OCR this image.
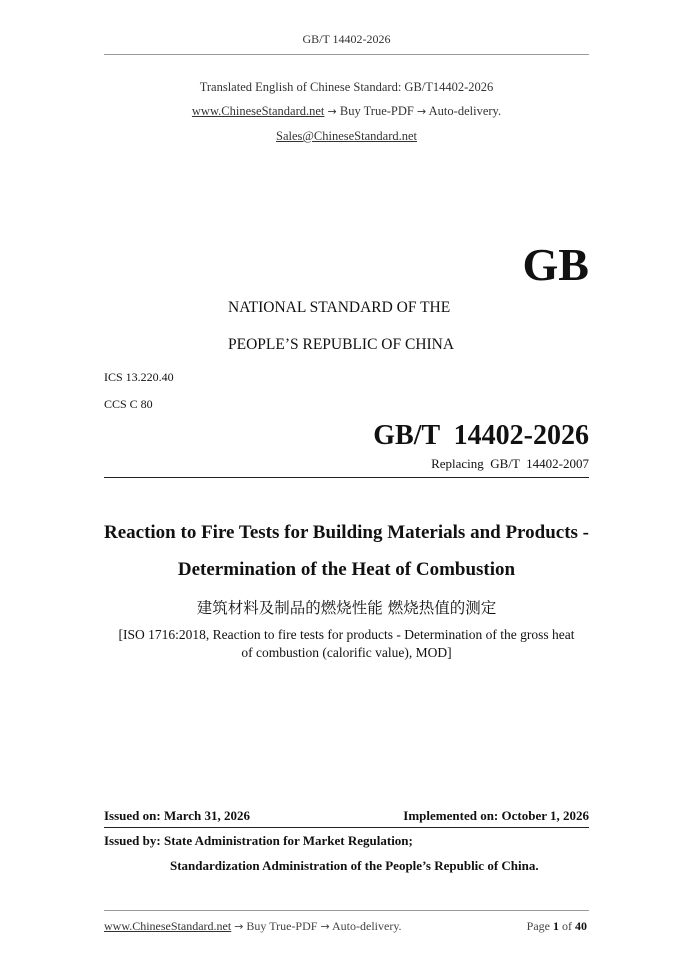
GB/T 14402-2026
Translated English of Chinese Standard: GB/T14402-2026
www.ChineseStandard.net → Buy True-PDF → Auto-delivery.
Sales@ChineseStandard.net
GB
NATIONAL STANDARD OF THE
PEOPLE’S REPUBLIC OF CHINA
ICS 13.220.40
CCS C 80
GB/T  14402-2026
Replacing  GB/T  14402-2007
Reaction to Fire Tests for Building Materials and Products -
Determination of the Heat of Combustion
建筑材料及制品的燃烧性能 燃烧热值的测定
[ISO 1716:2018, Reaction to fire tests for products - Determination of the gross heat
of combustion (calorific value), MOD]
Issued on: March 31, 2026	Implemented on: October 1, 2026
Issued by: State Administration for Market Regulation;
Standardization Administration of the People’s Republic of China.
www.ChineseStandard.net → Buy True-PDF → Auto-delivery.	Page 1 of 40
